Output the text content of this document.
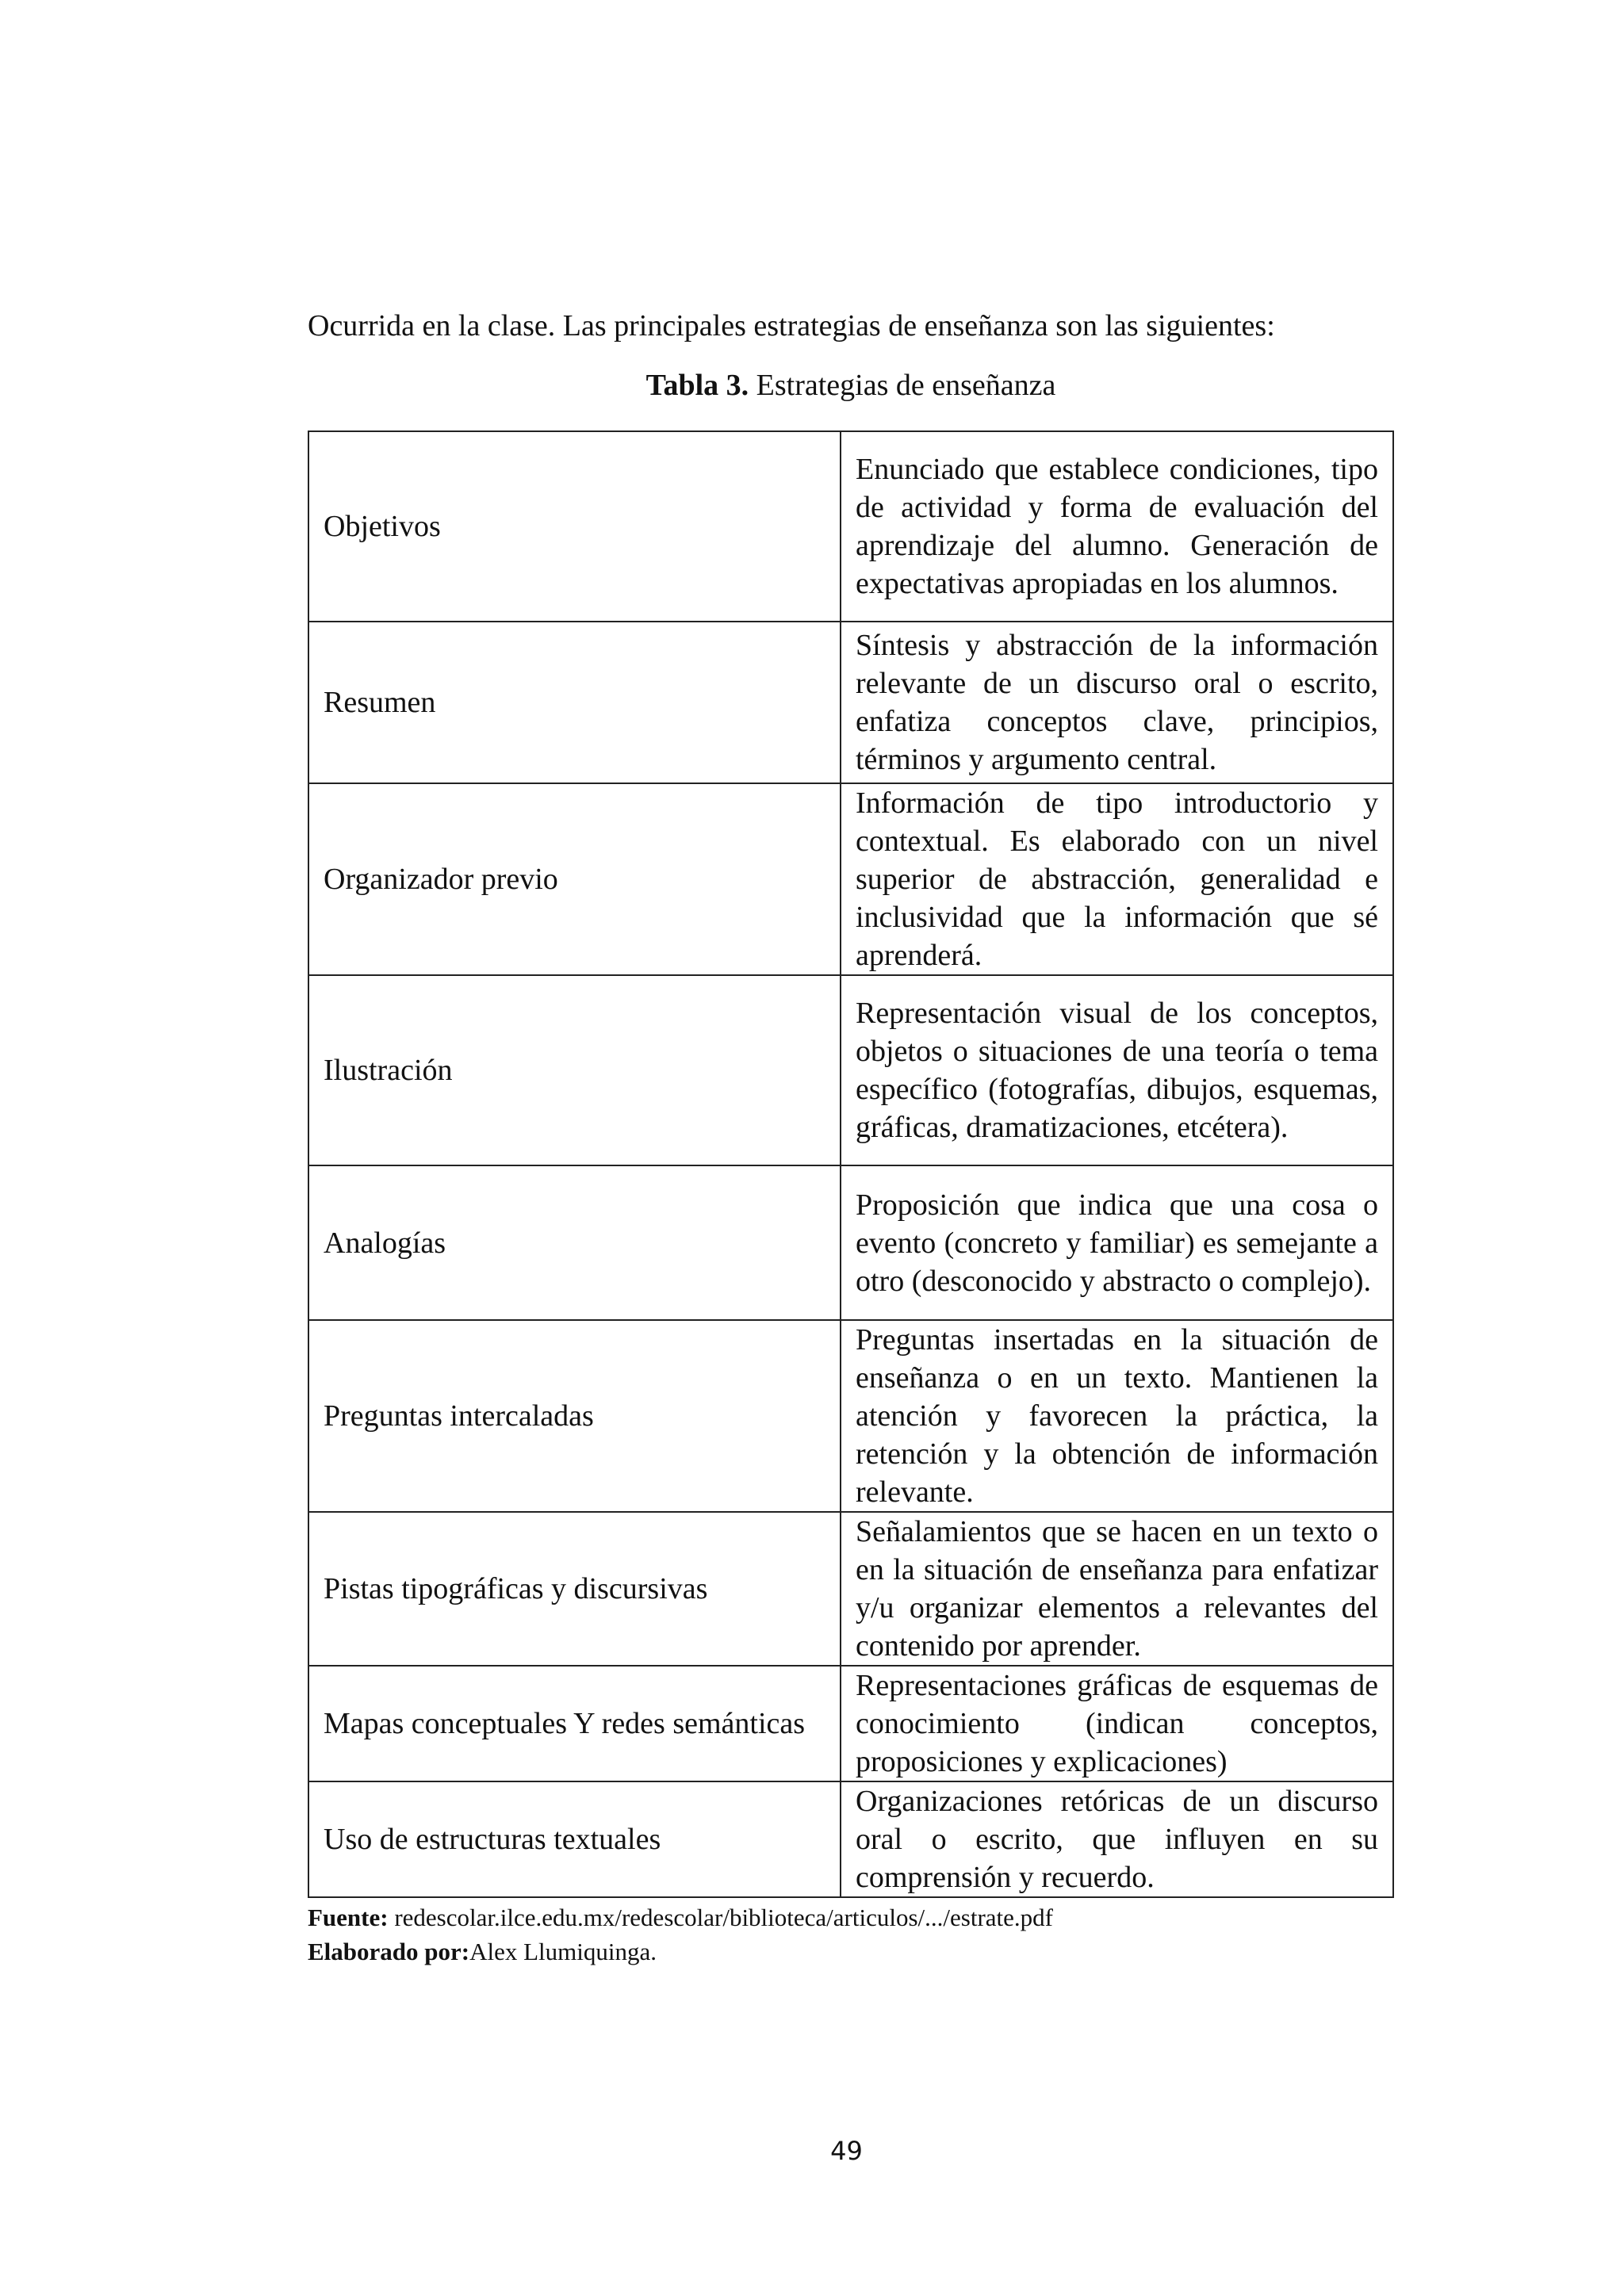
Ocurrida en la clase. Las principales estrategias de enseñanza son las siguientes:

Tabla 3. Estrategias de enseñanza

Objetivos	Enunciado que establece condiciones, tipo de actividad y forma de evaluación del aprendizaje del alumno. Generación de expectativas apropiadas en los alumnos.
Resumen	Síntesis y abstracción de la información relevante de un discurso oral o escrito, enfatiza conceptos clave, principios, términos y argumento central.
Organizador previo	Información de tipo introductorio y contextual. Es elaborado con un nivel superior de abstracción, generalidad e inclusividad que la información que sé aprenderá.
Ilustración	Representación visual de los conceptos, objetos o situaciones de una teoría o tema específico (fotografías, dibujos, esquemas, gráficas, dramatizaciones, etcétera).
Analogías	Proposición que indica que una cosa o evento (concreto y familiar) es semejante a otro (desconocido y abstracto o complejo).
Preguntas intercaladas	Preguntas insertadas en la situación de enseñanza o en un texto. Mantienen la atención y favorecen la práctica, la retención y la obtención de información relevante.
Pistas tipográficas y discursivas	Señalamientos que se hacen en un texto o en la situación de enseñanza para enfatizar y/u organizar elementos a relevantes del contenido por aprender.
Mapas conceptuales Y redes semánticas	Representaciones gráficas de esquemas de conocimiento (indican conceptos, proposiciones y explicaciones)
Uso de estructuras textuales	Organizaciones retóricas de un discurso oral o escrito, que influyen en su comprensión y recuerdo.

Fuente: redescolar.ilce.edu.mx/redescolar/biblioteca/articulos/.../estrate.pdf

Elaborado por:Alex Llumiquinga.

49
